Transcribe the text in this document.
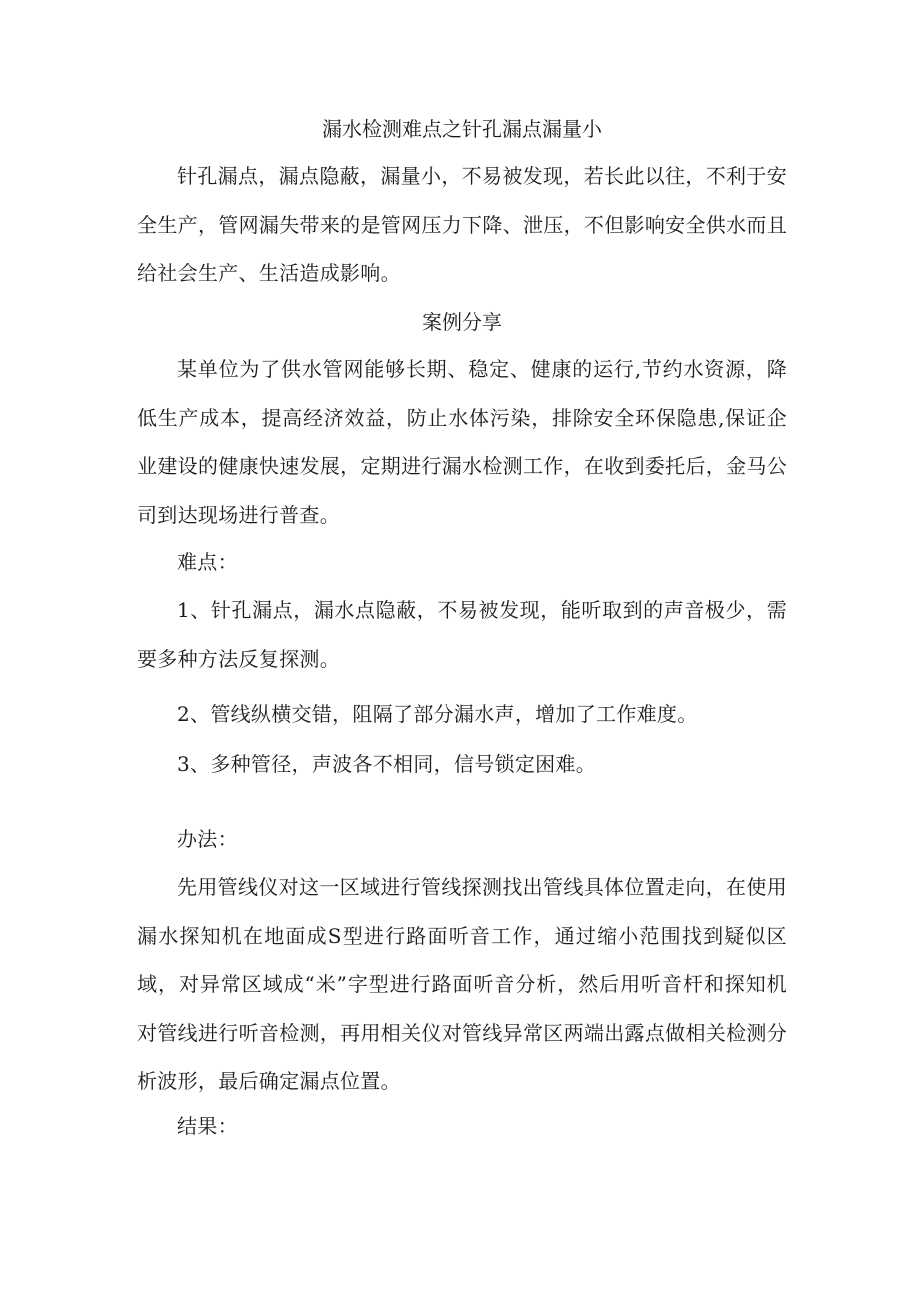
漏水检测难点之针孔漏点漏量小

针孔漏点，漏点隐蔽，漏量小，不易被发现，若长此以往，不利于安全生产，管网漏失带来的是管网压力下降、泄压，不但影响安全供水而且给社会生产、生活造成影响。

案例分享

某单位为了供水管网能够长期、稳定、健康的运行,节约水资源，降低生产成本，提高经济效益，防止水体污染，排除安全环保隐患,保证企业建设的健康快速发展，定期进行漏水检测工作，在收到委托后，金马公司到达现场进行普查。

难点：

1、针孔漏点，漏水点隐蔽，不易被发现，能听取到的声音极少，需要多种方法反复探测。

2、管线纵横交错，阻隔了部分漏水声，增加了工作难度。

3、多种管径，声波各不相同，信号锁定困难。

办法：

先用管线仪对这一区域进行管线探测找出管线具体位置走向，在使用漏水探知机在地面成S型进行路面听音工作，通过缩小范围找到疑似区域，对异常区域成“米”字型进行路面听音分析，然后用听音杆和探知机对管线进行听音检测，再用相关仪对管线异常区两端出露点做相关检测分析波形，最后确定漏点位置。

结果：
